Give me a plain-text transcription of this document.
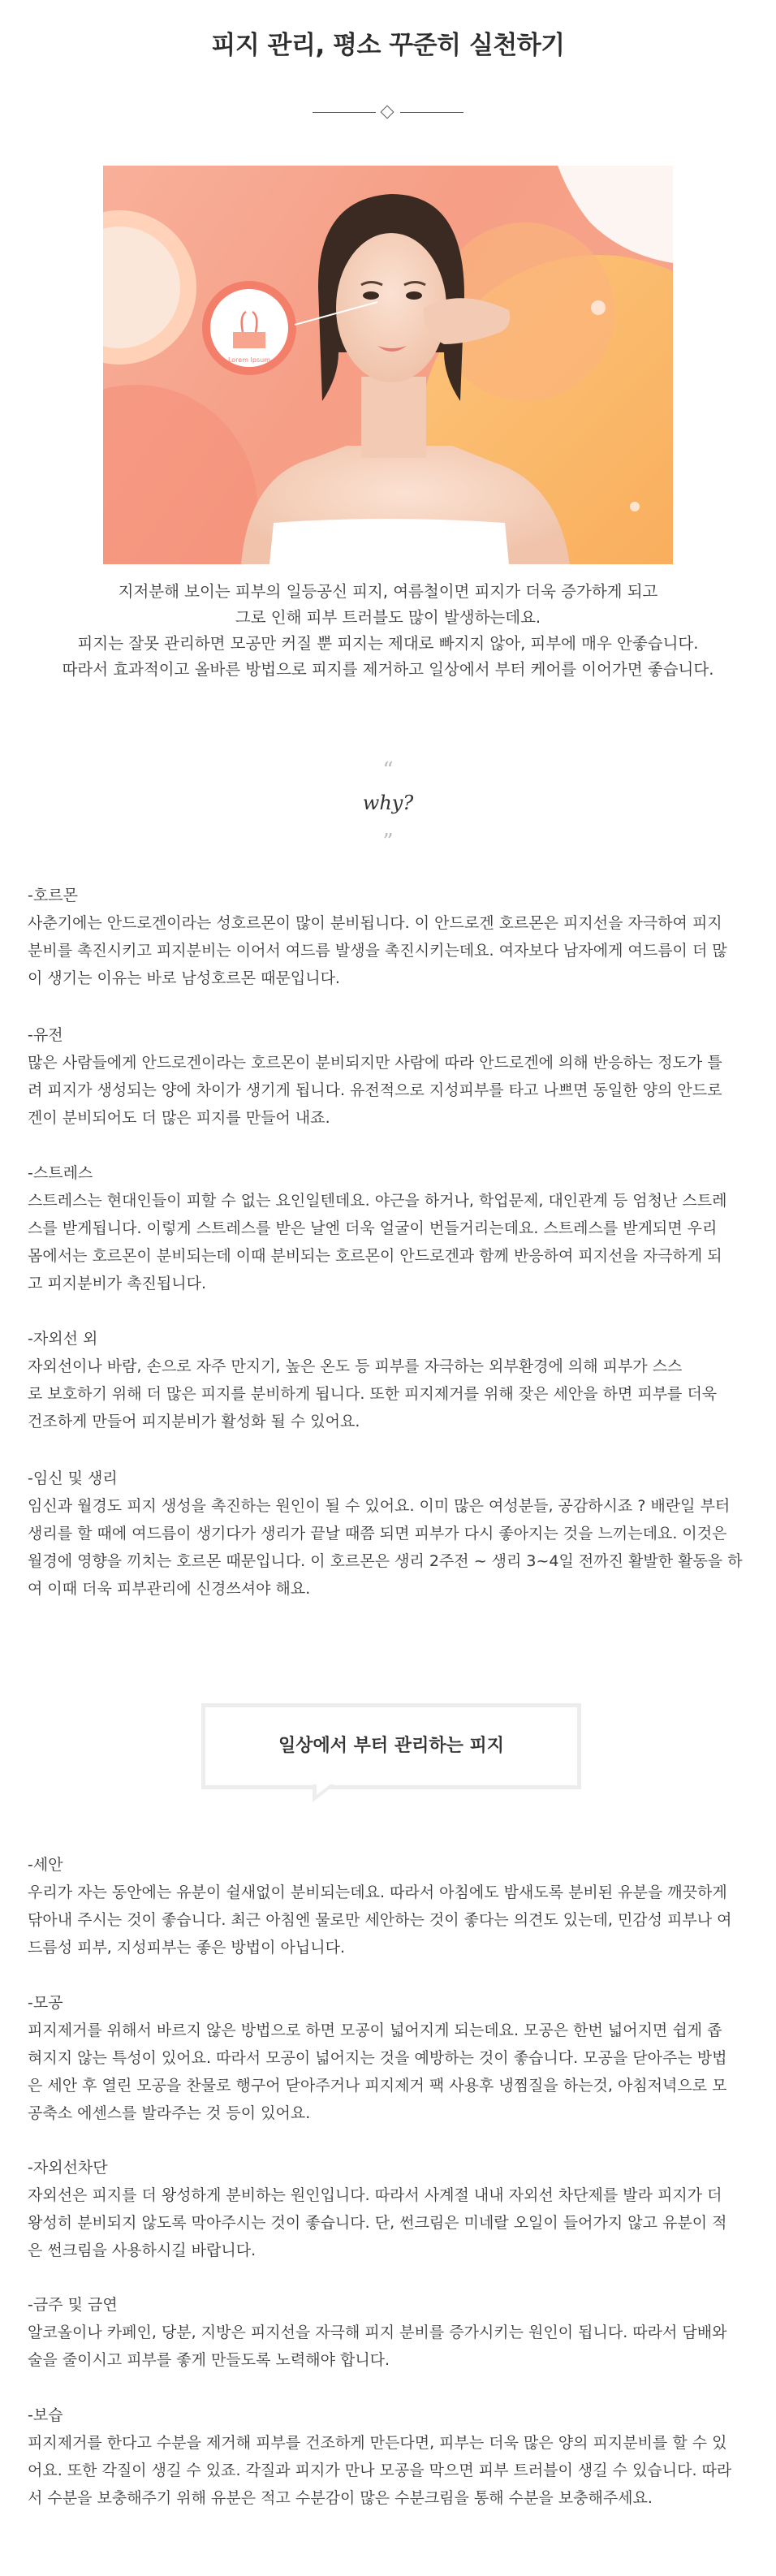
피지 관리, 평소 꾸준히 실천하기
Lorem Ipsum
지저분해 보이는 피부의 일등공신 피지, 여름철이면 피지가 더욱 증가하게 되고
그로 인해 피부 트러블도 많이 발생하는데요.
피지는 잘못 관리하면 모공만 커질 뿐 피지는 제대로 빠지지 않아, 피부에 매우 안좋습니다.
따라서 효과적이고 올바른 방법으로 피지를 제거하고 일상에서 부터 케어를 이어가면 좋습니다.
“
why?
”

-호르몬

사춘기에는 안드로겐이라는 성호르몬이 많이 분비됩니다. 이 안드로겐 호르몬은 피지선을 자극하여 피지

분비를 촉진시키고 피지분비는 이어서 여드름 발생을 촉진시키는데요. 여자보다 남자에게 여드름이 더 많

이 생기는 이유는 바로 남성호르몬 때문입니다.

-유전

많은 사람들에게 안드로겐이라는 호르몬이 분비되지만 사람에 따라 안드로겐에 의해 반응하는 정도가 틀

려 피지가 생성되는 양에 차이가 생기게 됩니다. 유전적으로 지성피부를 타고 나쁘면 동일한 양의 안드로

겐이 분비되어도 더 많은 피지를 만들어 내죠.

-스트레스

스트레스는 현대인들이 피할 수 없는 요인일텐데요. 야근을 하거나, 학업문제, 대인관계 등 엄청난 스트레

스를 받게됩니다. 이렇게 스트레스를 받은 날엔 더욱 얼굴이 번들거리는데요. 스트레스를 받게되면 우리

몸에서는 호르몬이 분비되는데 이때 분비되는 호르몬이 안드로겐과 함께 반응하여 피지선을 자극하게 되

고 피지분비가 촉진됩니다.

-자외선 외

자외선이나 바람, 손으로 자주 만지기, 높은 온도 등 피부를 자극하는 외부환경에 의해 피부가 스스

로 보호하기 위해 더 많은 피지를 분비하게 됩니다. 또한 피지제거를 위해 잦은 세안을 하면 피부를 더욱

건조하게 만들어 피지분비가 활성화 될 수 있어요.

-임신 및 생리

임신과 월경도 피지 생성을 촉진하는 원인이 될 수 있어요. 이미 많은 여성분들, 공감하시죠 ? 배란일 부터

생리를 할 때에 여드름이 생기다가 생리가 끝날 때쯤 되면 피부가 다시 좋아지는 것을 느끼는데요. 이것은

월경에 영향을 끼치는 호르몬 때문입니다. 이 호르몬은 생리 2주전 ~ 생리 3~4일 전까진 활발한 활동을 하

여 이때 더욱 피부관리에 신경쓰셔야 해요.

일상에서 부터 관리하는 피지

-세안

우리가 자는 동안에는 유분이 쉴새없이 분비되는데요. 따라서 아침에도 밤새도록 분비된 유분을 깨끗하게

닦아내 주시는 것이 좋습니다. 최근 아침엔 물로만 세안하는 것이 좋다는 의견도 있는데, 민감성 피부나 여

드름성 피부, 지성피부는 좋은 방법이 아닙니다.

-모공

피지제거를 위해서 바르지 않은 방법으로 하면 모공이 넓어지게 되는데요. 모공은 한번 넓어지면 쉽게 좁

혀지지 않는 특성이 있어요. 따라서 모공이 넓어지는 것을 예방하는 것이 좋습니다. 모공을 닫아주는 방법

은 세안 후 열린 모공을 찬물로 행구어 닫아주거나 피지제거 팩 사용후 냉찜질을 하는것, 아침저녁으로 모

공축소 에센스를 발라주는 것 등이 있어요.

-자외선차단

자외선은 피지를 더 왕성하게 분비하는 원인입니다. 따라서 사계절 내내 자외선 차단제를 발라 피지가 더

왕성히 분비되지 않도록 막아주시는 것이 좋습니다. 단, 썬크림은 미네랄 오일이 들어가지 않고 유분이 적

은 썬크림을 사용하시길 바랍니다.

-금주 및 금연

알코올이나 카페인, 당분, 지방은 피지선을 자극해 피지 분비를 증가시키는 원인이 됩니다. 따라서 담배와

술을 줄이시고 피부를 좋게 만들도록 노력해야 합니다.

-보습

피지제거를 한다고 수분을 제거해 피부를 건조하게 만든다면, 피부는 더욱 많은 양의 피지분비를 할 수 있

어요. 또한 각질이 생길 수 있죠. 각질과 피지가 만나 모공을 막으면 피부 트러블이 생길 수 있습니다. 따라

서 수분을 보충해주기 위해 유분은 적고 수분감이 많은 수분크림을 통해 수분을 보충해주세요.
